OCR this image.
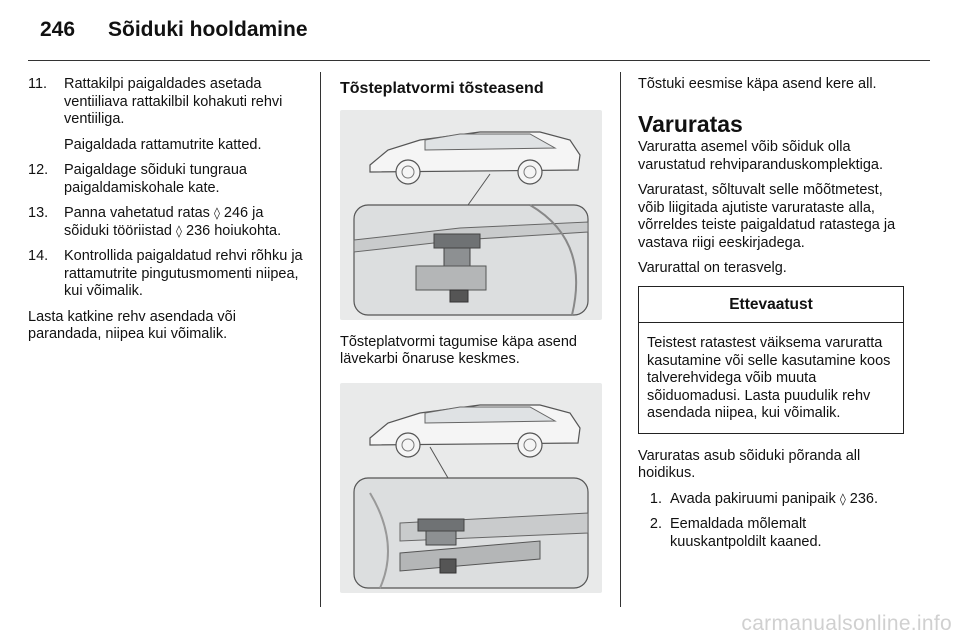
246 Sõiduki hooldamine
11.	Rattakilpi paigaldades asetada ventiiliava rattakilbil kohakuti rehvi ventiiliga.

Paigaldada rattamutrite katted.

12.	Paigaldage sõiduki tungraua paigaldamiskohale kate.
13.	Panna vahetatud ratas ◊ 246 ja sõiduki tööriistad ◊ 236 hoiukohta.
14.	Kontrollida paigaldatud rehvi rõhku ja rattamutrite pingutusmomenti niipea, kui võimalik.

Lasta katkine rehv asendada või parandada, niipea kui võimalik.

Tõsteplatvormi tõsteasend

Tõsteplatvormi tagumise käpa asend lävekarbi õnaruse keskmes.

Tõstuki eesmise käpa asend kere all.

Varuratas

Varuratta asemel võib sõiduk olla varustatud rehviparanduskomplektiga.

Varuratast, sõltuvalt selle mõõtmetest, võib liigitada ajutiste varurataste alla, võrreldes teiste paigaldatud ratastega ja vastava riigi eeskirjadega.

Varurattal on terasvelg.

Ettevaatust
Teistest ratastest väiksema varuratta kasutamine või selle kasutamine koos talverehvidega võib muuta sõiduomadusi. Lasta puudulik rehv asendada niipea, kui võimalik.

Varuratas asub sõiduki põranda all hoidikus.

1. Avada pakiruumi panipaik ◊ 236.
2. Eemaldada mõlemalt kuuskantpoldilt kaaned.
carmanualsonline.info
